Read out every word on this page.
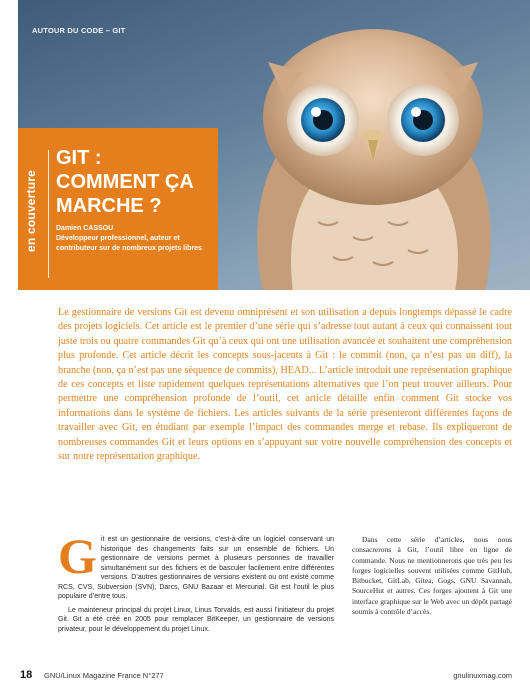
AUTOUR DU CODE – GIT
en couverture
GIT :
COMMENT ÇA
MARCHE ?
Damien CASSOU
Développeur professionnel, auteur et contributeur sur de nombreux projets libres

Le gestionnaire de versions Git est devenu omniprésent et son utilisation a depuis longtemps dépassé le cadre des projets logiciels. Cet article est le premier d’une série qui s’adresse tout autant à ceux qui connaissent tout juste trois ou quatre commandes Git qu’à ceux qui ont une utilisation avancée et souhaitent une compréhension plus profonde. Cet article décrit les concepts sous-jacents à Git : le commit (non, ça n’est pas un diff), la branche (non, ça n’est pas une séquence de commits), HEAD... L’article introduit une représentation graphique de ces concepts et liste rapidement quelques représentations alternatives que l’on peut trouver ailleurs. Pour permettre une compréhension profonde de l’outil, cet article détaille enfin comment Git stocke vos informations dans le système de fichiers. Les articles suivants de la série présenteront différentes façons de travailler avec Git, en étudiant par exemple l’impact des commandes merge et rebase. Ils expliqueront de nombreuses commandes Git et leurs options en s’appuyant sur votre nouvelle compréhension des concepts et sur notre représentation graphique.

Git est un gestionnaire de versions, c’est-à-dire un logiciel conservant un historique des changements faits sur un ensemble de fichiers. Un gestionnaire de versions permet à plusieurs personnes de travailler simultanément sur des fichiers et de basculer facilement entre différentes versions. D’autres gestionnaires de versions existent ou ont existé comme RCS, CVS, Subversion (SVN), Darcs, GNU Bazaar et Mercurial. Git est l’outil le plus populaire d’entre tous.

Le mainteneur principal du projet Linux, Linus Torvalds, est aussi l’initiateur du projet Git. Git a été créé en 2005 pour remplacer BitKeeper, un gestionnaire de versions privateur, pour le développement du projet Linux.

Dans cette série d’articles, nous nous consacrerons à Git, l’outil libre en ligne de commande. Nous ne mentionnerons que très peu les forges logicielles souvent utilisées comme GitHub, Bitbucket, GitLab, Gitea, Gogs, GNU Savannah, SourceHut et autres. Ces forges ajoutent à Git une interface graphique sur le Web avec un dépôt partagé soumis à contrôle d’accès.

18 GNU/Linux Magazine France N°277	gnulinuxmag.com
